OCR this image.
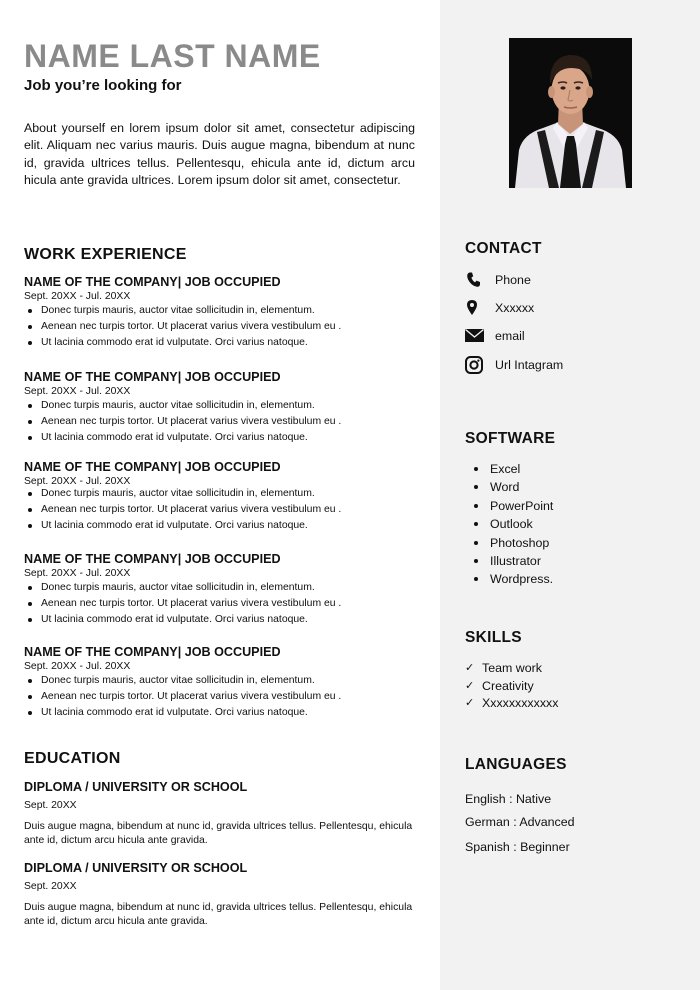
NAME LAST NAME
Job you’re looking for
About yourself en lorem ipsum dolor sit amet, consectetur adipiscing elit. Aliquam nec varius mauris. Duis augue magna, bibendum at nunc id, gravida ultrices tellus. Pellentesqu, ehicula ante id, dictum arcu hicula ante gravida ultrices. Lorem ipsum dolor sit amet, consectetur.
WORK EXPERIENCE
NAME OF THE COMPANY| JOB OCCUPIED
Sept. 20XX - Jul. 20XX
Donec turpis mauris, auctor vitae sollicitudin in, elementum.
Aenean nec turpis tortor. Ut placerat varius vivera vestibulum eu .
Ut lacinia commodo erat id vulputate. Orci varius natoque.
NAME OF THE COMPANY| JOB OCCUPIED
Sept. 20XX - Jul. 20XX
Donec turpis mauris, auctor vitae sollicitudin in, elementum.
Aenean nec turpis tortor. Ut placerat varius vivera vestibulum eu .
Ut lacinia commodo erat id vulputate. Orci varius natoque.
NAME OF THE COMPANY| JOB OCCUPIED
Sept. 20XX - Jul. 20XX
Donec turpis mauris, auctor vitae sollicitudin in, elementum.
Aenean nec turpis tortor. Ut placerat varius vivera vestibulum eu .
Ut lacinia commodo erat id vulputate. Orci varius natoque.
NAME OF THE COMPANY| JOB OCCUPIED
Sept. 20XX - Jul. 20XX
Donec turpis mauris, auctor vitae sollicitudin in, elementum.
Aenean nec turpis tortor. Ut placerat varius vivera vestibulum eu .
Ut lacinia commodo erat id vulputate. Orci varius natoque.
NAME OF THE COMPANY| JOB OCCUPIED
Sept. 20XX - Jul. 20XX
Donec turpis mauris, auctor vitae sollicitudin in, elementum.
Aenean nec turpis tortor. Ut placerat varius vivera vestibulum eu .
Ut lacinia commodo erat id vulputate. Orci varius natoque.
EDUCATION
DIPLOMA / UNIVERSITY OR SCHOOL
Sept. 20XX
Duis augue magna, bibendum at nunc id, gravida ultrices tellus. Pellentesqu, ehicula ante id, dictum arcu hicula ante gravida.
DIPLOMA / UNIVERSITY OR SCHOOL
Sept. 20XX
Duis augue magna, bibendum at nunc id, gravida ultrices tellus. Pellentesqu, ehicula ante id, dictum arcu hicula ante gravida.
CONTACT
Phone
Xxxxxx
email
Url Intagram
SOFTWARE
Excel
Word
PowerPoint
Outlook
Photoshop
Illustrator
Wordpress.
SKILLS
✓ Team work
✓ Creativity
✓ Xxxxxxxxxxxx
LANGUAGES
English : Native
German : Advanced
Spanish : Beginner
